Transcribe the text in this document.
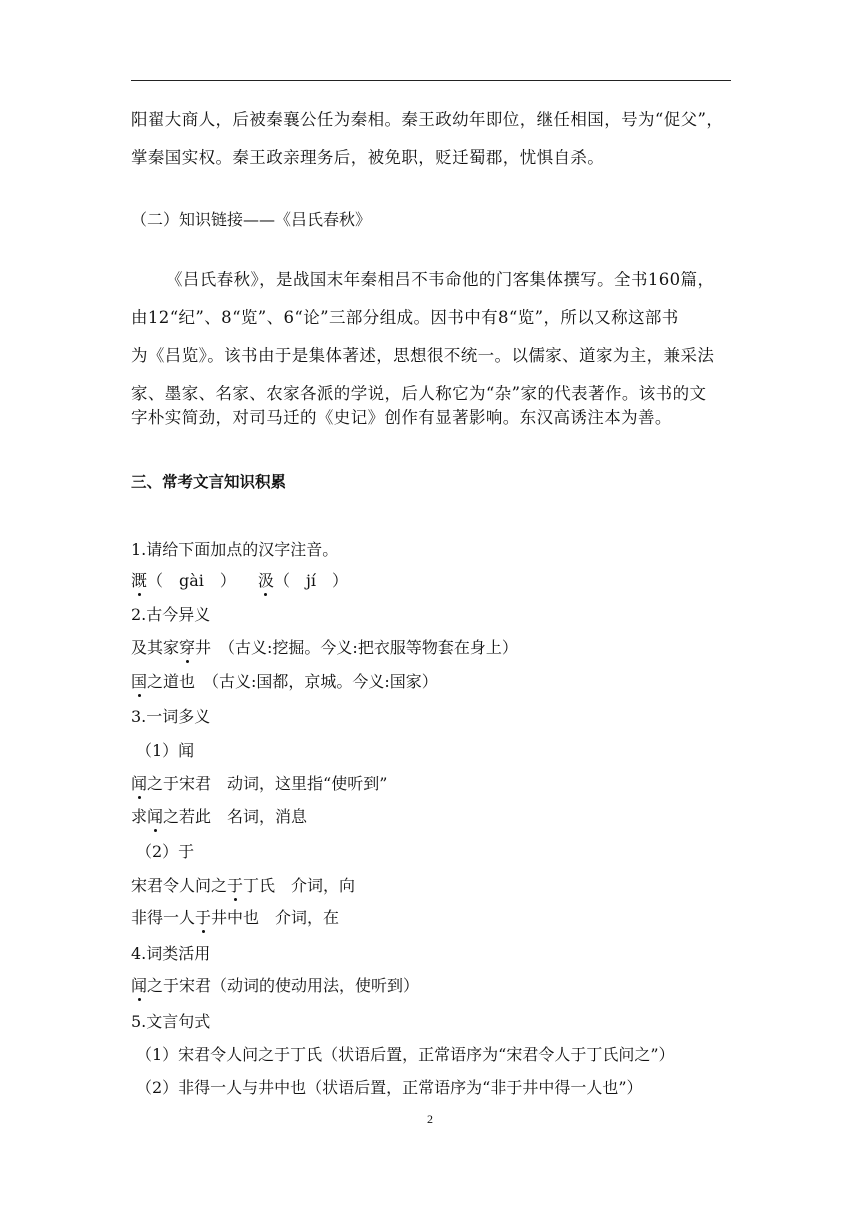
阳翟大商人，后被秦襄公任为秦相。秦王政幼年即位，继任相国，号为“促父”，
掌秦国实权。秦王政亲理务后，被免职，贬迁蜀郡，忧惧自杀。
（二）知识链接——《吕氏春秋》
《吕氏春秋》，是战国末年秦相吕不韦命他的门客集体撰写。全书160篇，
由12“纪”、8“览”、6“论”三部分组成。因书中有8“览”，所以又称这部书
为《吕览》。该书由于是集体著述，思想很不统一。以儒家、道家为主，兼采法
家、墨家、名家、农家各派的学说，后人称它为“杂”家的代表著作。该书的文
字朴实简劲，对司马迁的《史记》创作有显著影响。东汉高诱注本为善。
三、常考文言知识积累
1.请给下面加点的汉字注音。
溉（　gài　） 汲（　jí　）
2.古今异义
及其家穿井　（古义:挖掘。今义:把衣服等物套在身上）
国之道也　（古义:国都，京城。今义:国家）
3.一词多义
（1）闻
闻之于宋君　动词，这里指“使听到”
求闻之若此　名词，消息
（2）于
宋君令人问之于丁氏　介词，向
非得一人于井中也　介词，在
4.词类活用
闻之于宋君（动词的使动用法，使听到）
5.文言句式
（1）宋君令人问之于丁氏（状语后置，正常语序为“宋君令人于丁氏问之”）
（2）非得一人与井中也（状语后置，正常语序为“非于井中得一人也”）
2
